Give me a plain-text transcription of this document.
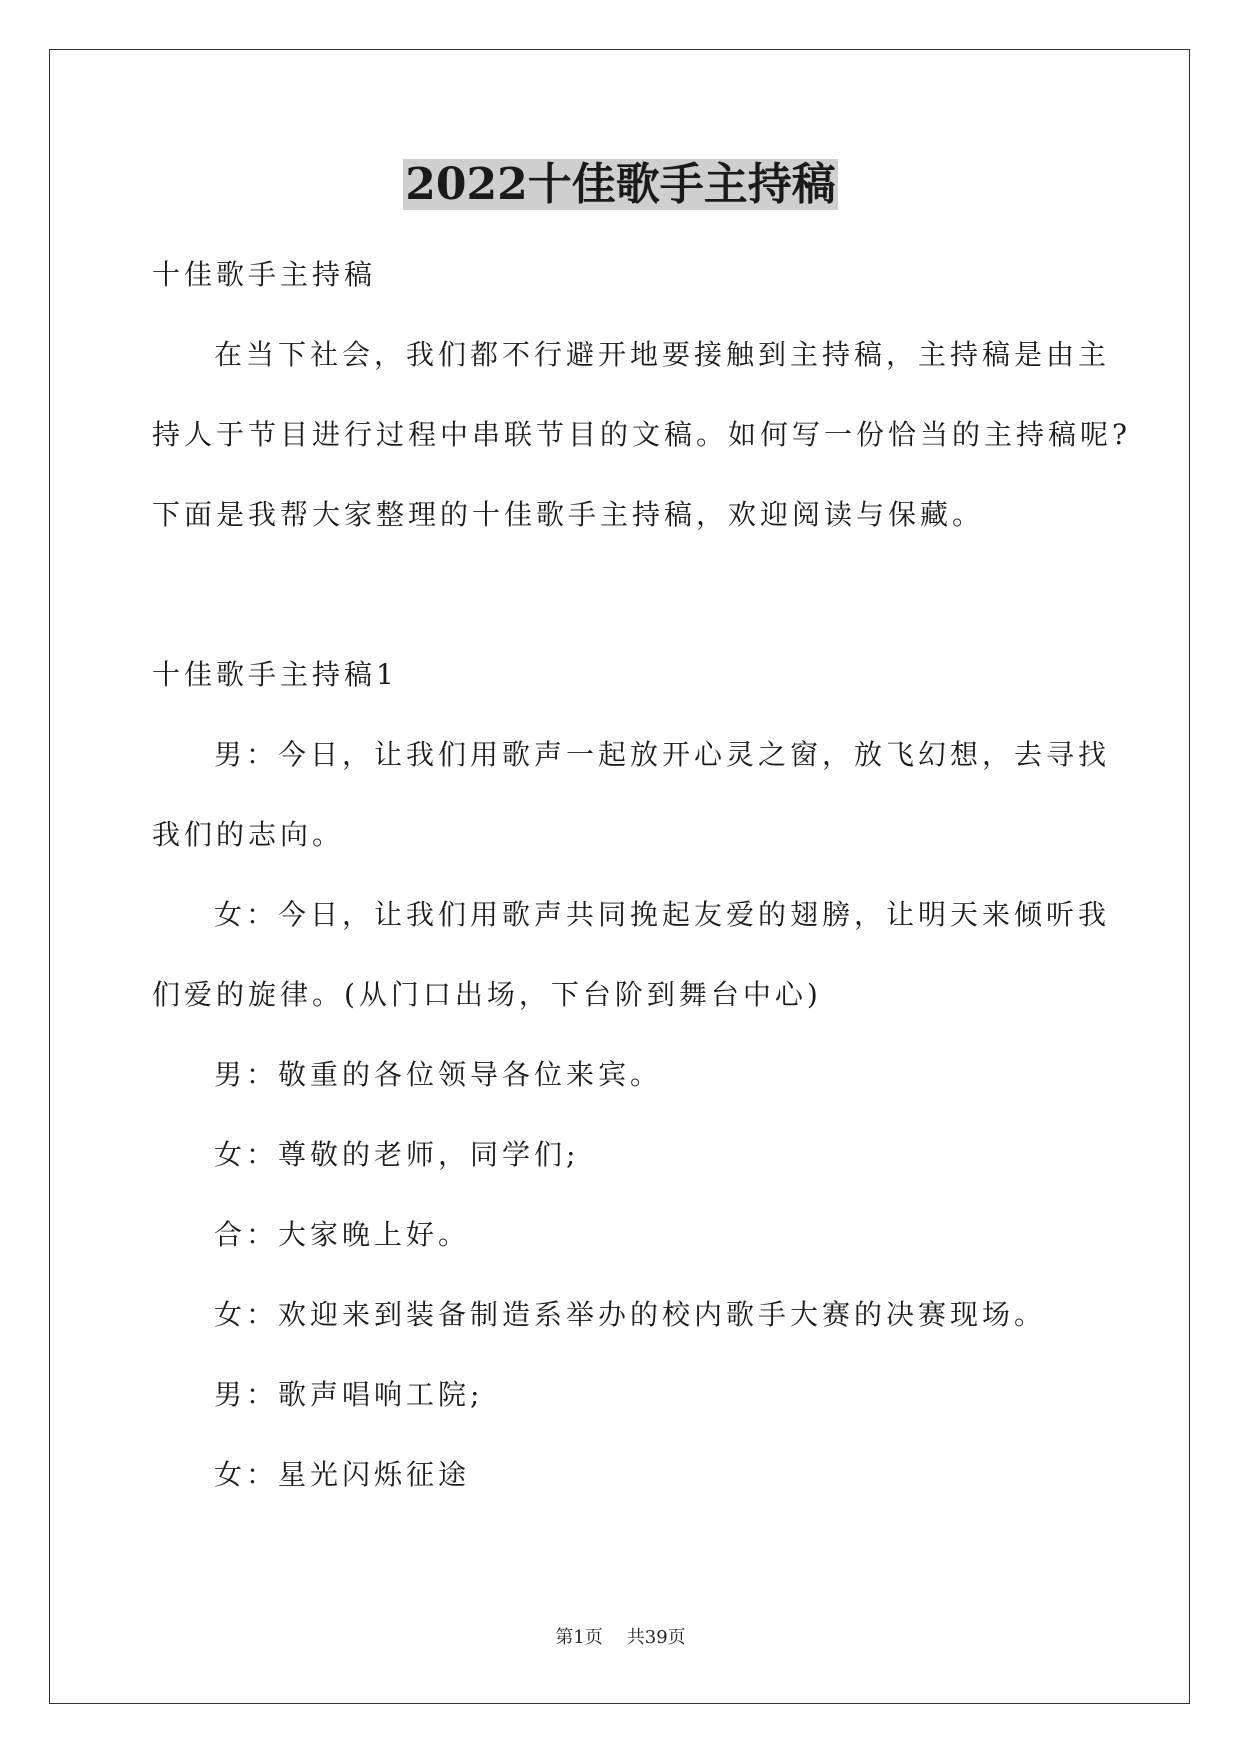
2022十佳歌手主持稿
十佳歌手主持稿
在当下社会，我们都不行避开地要接触到主持稿，主持稿是由主
持人于节目进行过程中串联节目的文稿。如何写一份恰当的主持稿呢?
下面是我帮大家整理的十佳歌手主持稿，欢迎阅读与保藏。
十佳歌手主持稿1
男：今日，让我们用歌声一起放开心灵之窗，放飞幻想，去寻找
我们的志向。
女：今日，让我们用歌声共同挽起友爱的翅膀，让明天来倾听我
们爱的旋律。(从门口出场，下台阶到舞台中心)
男：敬重的各位领导各位来宾。
女：尊敬的老师，同学们;
合：大家晚上好。
女：欢迎来到装备制造系举办的校内歌手大赛的决赛现场。
男：歌声唱响工院;
女：星光闪烁征途
第1页 共39页
